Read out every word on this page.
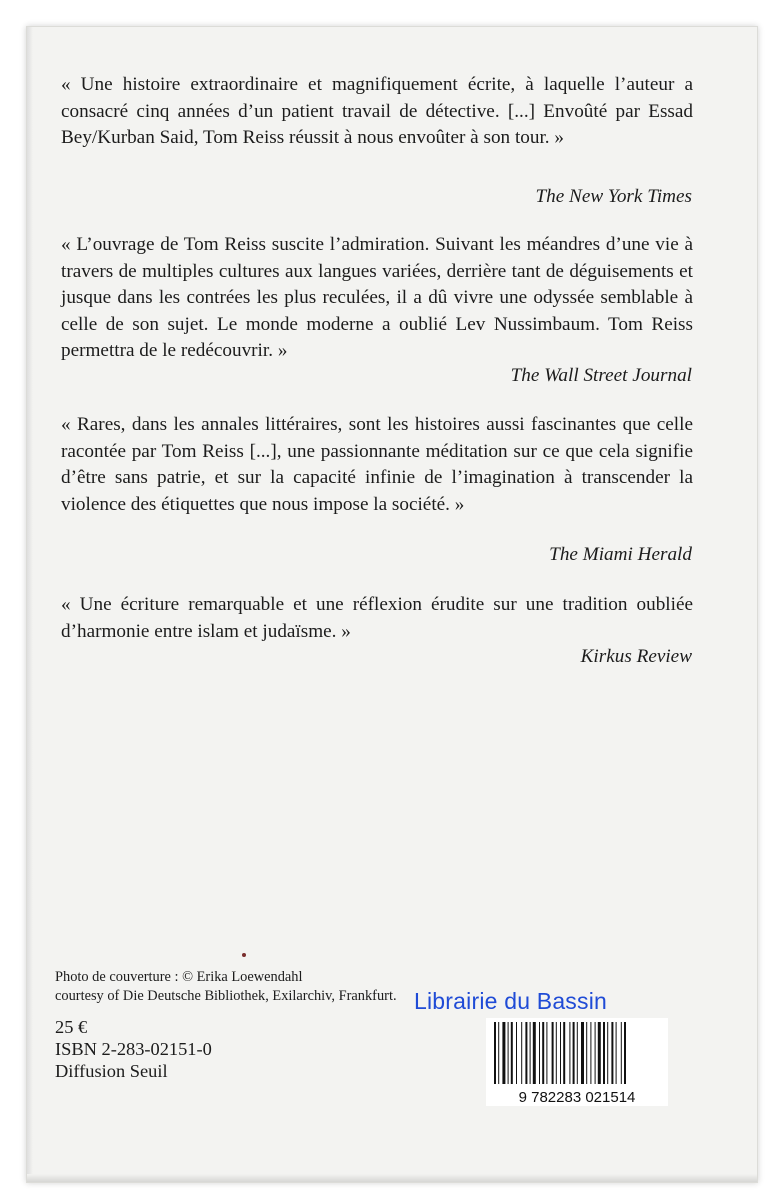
« Une histoire extraordinaire et magnifiquement écrite, à laquelle l’auteur a consacré cinq années d’un patient travail de détective. [...] Envoûté par Essad Bey/Kurban Said, Tom Reiss réussit à nous envoûter à son tour. »

The New York Times

« L’ouvrage de Tom Reiss suscite l’admiration. Suivant les méandres d’une vie à travers de multiples cultures aux langues variées, derrière tant de déguisements et jusque dans les contrées les plus reculées, il a dû vivre une odyssée semblable à celle de son sujet. Le monde moderne a oublié Lev Nussimbaum. Tom Reiss permettra de le redécouvrir. »

The Wall Street Journal

« Rares, dans les annales littéraires, sont les histoires aussi fascinantes que celle racontée par Tom Reiss [...], une passionnante méditation sur ce que cela signifie d’être sans patrie, et sur la capacité infinie de l’imagination à transcender la violence des étiquettes que nous impose la société. »

The Miami Herald

« Une écriture remarquable et une réflexion érudite sur une tradition oubliée d’harmonie entre islam et judaïsme. »

Kirkus Review

Photo de couverture : © Erika Loewendahl
courtesy of Die Deutsche Bibliothek, Exilarchiv, Frankfurt.
25 €
ISBN 2-283-02151-0
Diffusion Seuil
Librairie du Bassin
9 782283 021514
